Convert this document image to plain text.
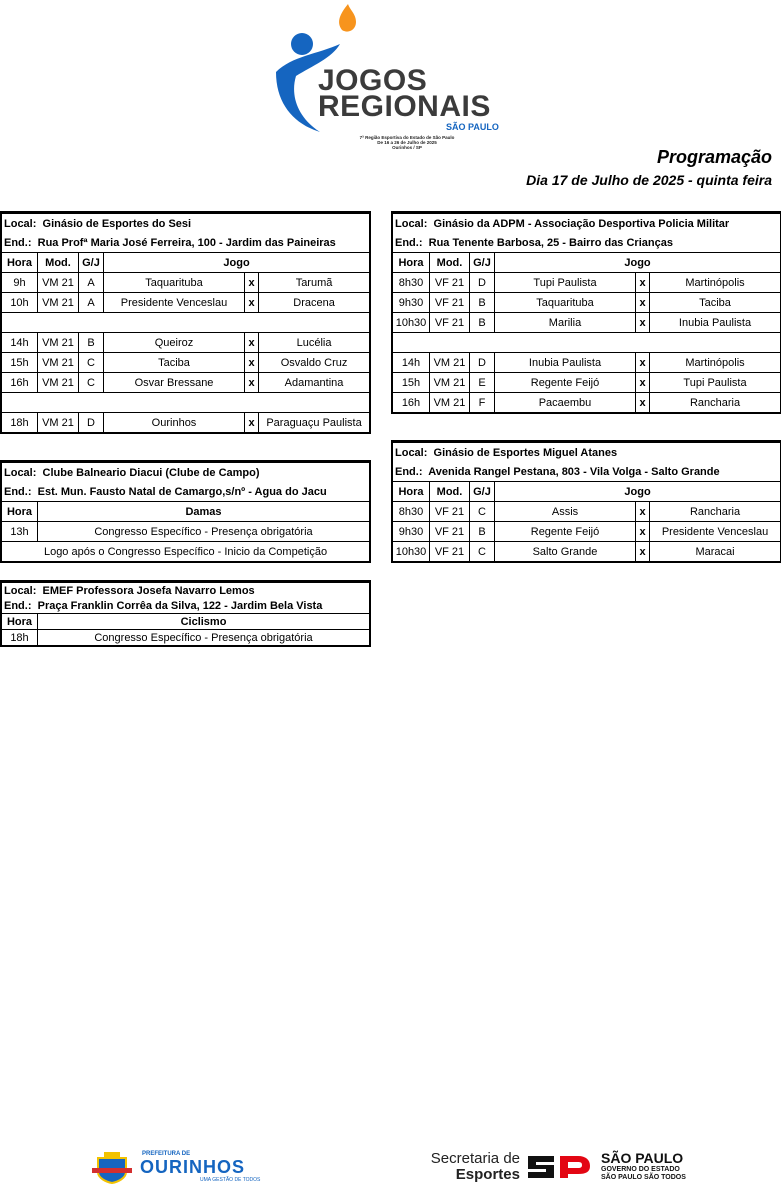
JOGOS
REGIONAIS
SÃO PAULO
7ª Região Esportiva do Estado de São Paulo
De 16 a 26 de Julho de 2025
Ourinhos / SP	Programação
Dia 17 de Julho de 2025 - quinta feira
Local: Ginásio de Esportes do Sesi					
End.: Rua Profª Maria José Ferreira, 100 - Jardim das Paineiras					
Hora	Mod.	G/J	Jogo		
9h	VM 21	A	Taquarituba	x	Tarumã
10h	VM 21	A	Presidente Venceslau	x	Dracena

14h	VM 21	B	Queiroz	x	Lucélia
15h	VM 21	C	Taciba	x	Osvaldo Cruz
16h	VM 21	C	Osvar Bressane	x	Adamantina

18h	VM 21	D	Ourinhos	x	Paraguaçu Paulista
Local: Ginásio da ADPM - Associação Desportiva Policia Militar					
End.: Rua Tenente Barbosa, 25 - Bairro das Crianças					
Hora	Mod.	G/J	Jogo		
8h30	VF 21	D	Tupi Paulista	x	Martinópolis
9h30	VF 21	B	Taquarituba	x	Taciba
10h30	VF 21	B	Marilia	x	Inubia Paulista

14h	VM 21	D	Inubia Paulista	x	Martinópolis
15h	VM 21	E	Regente Feijó	x	Tupi Paulista
16h	VM 21	F	Pacaembu	x	Rancharia
Local: Ginásio de Esportes Miguel Atanes					
End.: Avenida Rangel Pestana, 803 - Vila Volga - Salto Grande					
Hora	Mod.	G/J	Jogo		
8h30	VF 21	C	Assis	x	Rancharia
9h30	VF 21	B	Regente Feijó	x	Presidente Venceslau
10h30	VF 21	C	Salto Grande	x	Maracai
Local: Clube Balneario Diacui (Clube de Campo)	
End.: Est. Mun. Fausto Natal de Camargo,s/nº - Agua do Jacu	
Hora	Damas
13h	Congresso Específico - Presença obrigatória
Logo após o Congresso Específico - Inicio da Competição	
Local: EMEF Professora Josefa Navarro Lemos	
End.: Praça Franklin Corrêa da Silva, 122 - Jardim Bela Vista	
Hora	Ciclismo
18h	Congresso Específico - Presença obrigatória
PREFEITURA DE
OURINHOS
UMA GESTÃO DE TODOS
Secretaria de
Esportes
SÃO PAULO
GOVERNO DO ESTADO
SÃO PAULO SÃO TODOS
